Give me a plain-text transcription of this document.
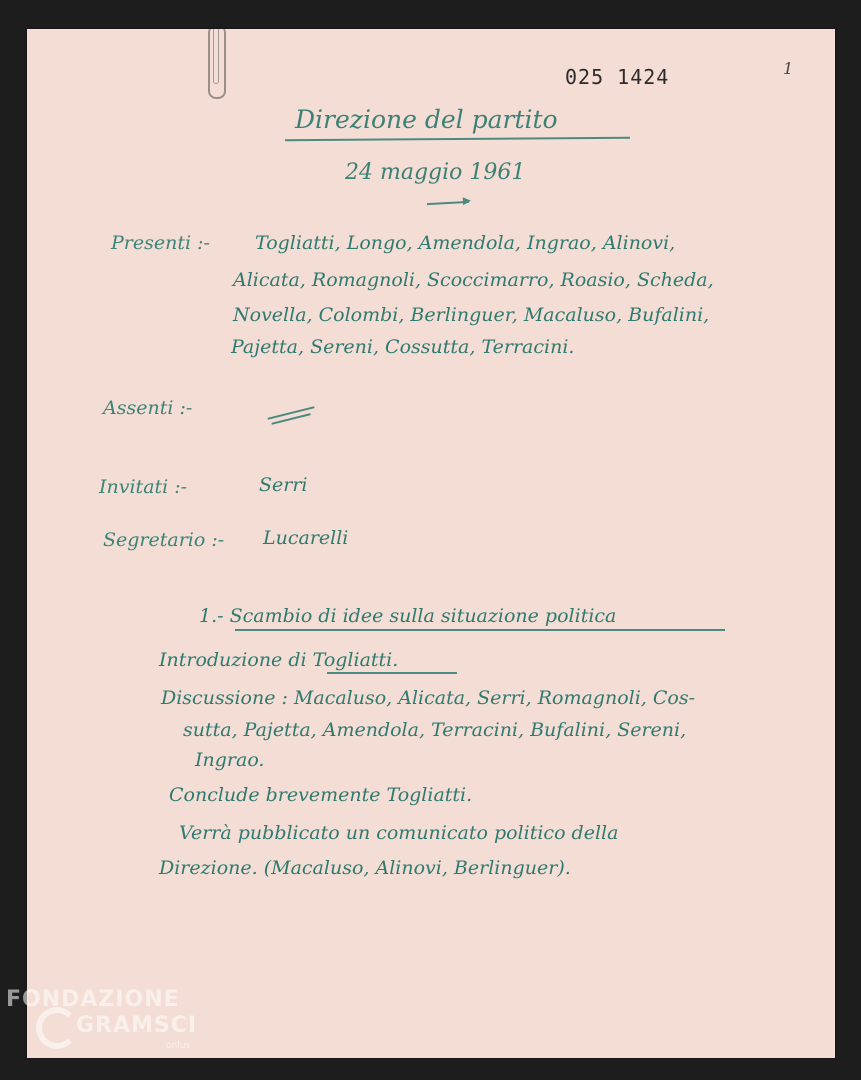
025 1424	1
Direzione del partito
24 maggio 1961
Presenti :- Togliatti, Longo, Amendola, Ingrao, Alinovi,
Alicata, Romagnoli, Scoccimarro, Roasio, Scheda,
Novella, Colombi, Berlinguer, Macaluso, Bufalini,
Pajetta, Sereni, Cossutta, Terracini.
Assenti :-
Invitati :-	Serri
Segretario :- Lucarelli
1.- Scambio di idee sulla situazione politica
Introduzione di Togliatti.
Discussione : Macaluso, Alicata, Serri, Romagnoli, Cos-
sutta, Pajetta, Amendola, Terracini, Bufalini, Sereni,
Ingrao.
Conclude brevemente Togliatti.
Verrà pubblicato un comunicato politico della
Direzione. (Macaluso, Alinovi, Berlinguer).
FONDAZIONE
GRAMSCI
onlus
